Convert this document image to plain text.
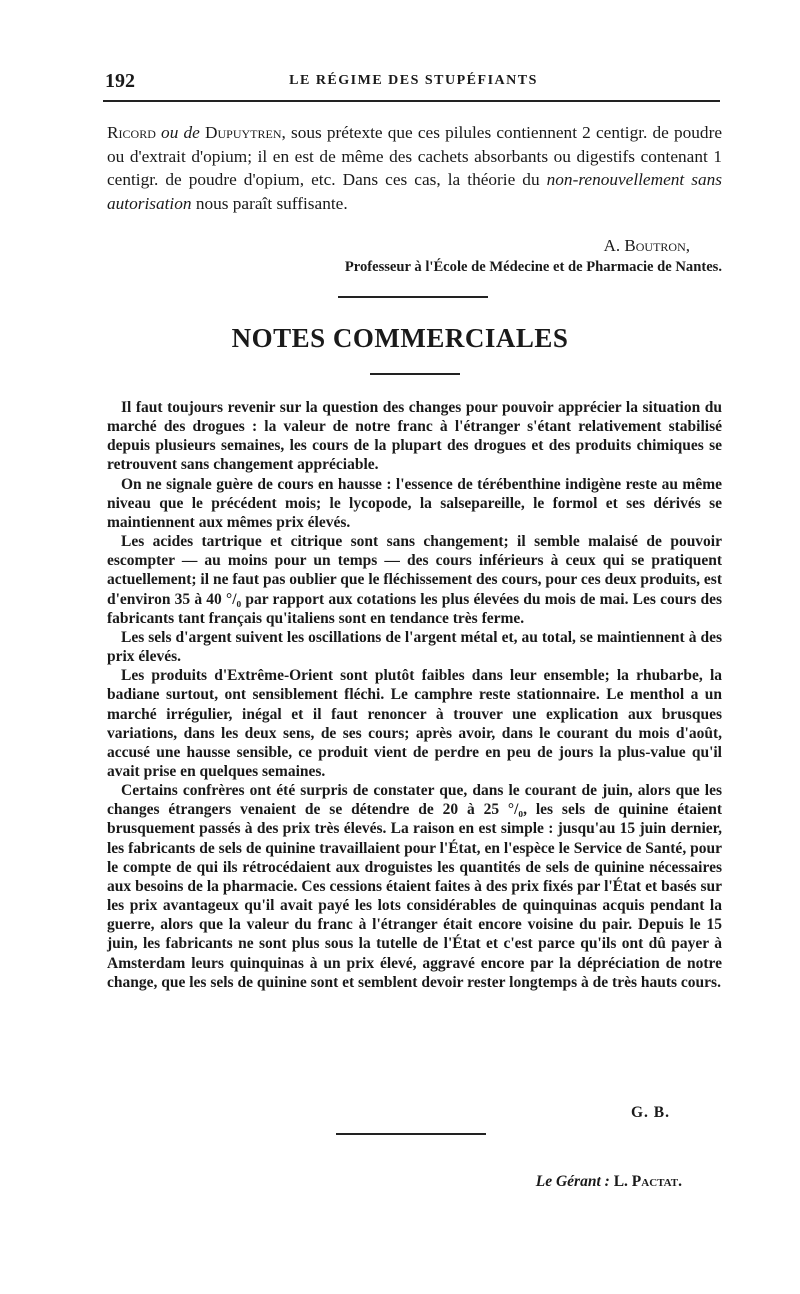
192	LE RÉGIME DES STUPÉFIANTS

Ricord ou de Dupuytren, sous prétexte que ces pilules contiennent 2 centigr. de poudre ou d'extrait d'opium; il en est de même des cachets absorbants ou digestifs contenant 1 centigr. de poudre d'opium, etc. Dans ces cas, la théorie du non-renouvellement sans autorisation nous paraît suffisante.

A. Boutron,
Professeur à l'École de Médecine et de Pharmacie de Nantes.
NOTES COMMERCIALES

Il faut toujours revenir sur la question des changes pour pouvoir apprécier la situation du marché des drogues : la valeur de notre franc à l'étranger s'étant relativement stabilisé depuis plusieurs semaines, les cours de la plupart des drogues et des produits chimiques se retrouvent sans changement appréciable.

On ne signale guère de cours en hausse : l'essence de térébenthine indigène reste au même niveau que le précédent mois; le lycopode, la salsepareille, le formol et ses dérivés se maintiennent aux mêmes prix élevés.

Les acides tartrique et citrique sont sans changement; il semble malaisé de pouvoir escompter — au moins pour un temps — des cours inférieurs à ceux qui se pratiquent actuellement; il ne faut pas oublier que le fléchissement des cours, pour ces deux produits, est d'environ 35 à 40 °/₀ par rapport aux cotations les plus élevées du mois de mai. Les cours des fabricants tant français qu'italiens sont en tendance très ferme.

Les sels d'argent suivent les oscillations de l'argent métal et, au total, se maintiennent à des prix élevés.

Les produits d'Extrême-Orient sont plutôt faibles dans leur ensemble; la rhubarbe, la badiane surtout, ont sensiblement fléchi. Le camphre reste stationnaire. Le menthol a un marché irrégulier, inégal et il faut renoncer à trouver une explication aux brusques variations, dans les deux sens, de ses cours; après avoir, dans le courant du mois d'août, accusé une hausse sensible, ce produit vient de perdre en peu de jours la plus-value qu'il avait prise en quelques semaines.

Certains confrères ont été surpris de constater que, dans le courant de juin, alors que les changes étrangers venaient de se détendre de 20 à 25 °/₀, les sels de quinine étaient brusquement passés à des prix très élevés. La raison en est simple : jusqu'au 15 juin dernier, les fabricants de sels de quinine travaillaient pour l'État, en l'espèce le Service de Santé, pour le compte de qui ils rétrocédaient aux droguistes les quantités de sels de quinine nécessaires aux besoins de la pharmacie. Ces cessions étaient faites à des prix fixés par l'État et basés sur les prix avantageux qu'il avait payé les lots considérables de quinquinas acquis pendant la guerre, alors que la valeur du franc à l'étranger était encore voisine du pair. Depuis le 15 juin, les fabricants ne sont plus sous la tutelle de l'État et c'est parce qu'ils ont dû payer à Amsterdam leurs quinquinas à un prix élevé, aggravé encore par la dépréciation de notre change, que les sels de quinine sont et semblent devoir rester longtemps à de très hauts cours.

G. B.
Le Gérant : L. Pactat.
